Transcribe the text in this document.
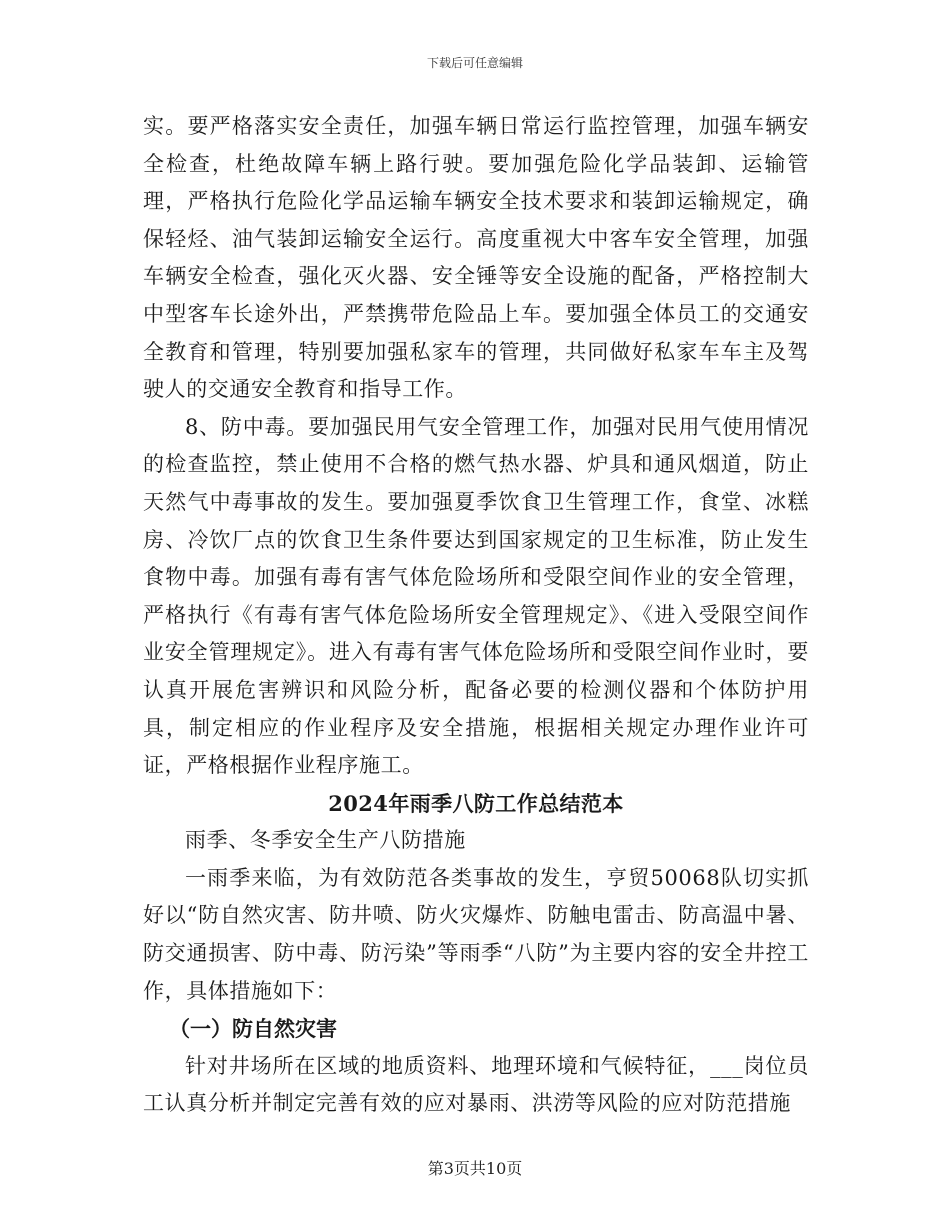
下载后可任意编辑

实。要严格落实安全责任，加强车辆日常运行监控管理，加强车辆安全检查，杜绝故障车辆上路行驶。要加强危险化学品装卸、运输管理，严格执行危险化学品运输车辆安全技术要求和装卸运输规定，确保轻烃、油气装卸运输安全运行。高度重视大中客车安全管理，加强车辆安全检查，强化灭火器、安全锤等安全设施的配备，严格控制大中型客车长途外出，严禁携带危险品上车。要加强全体员工的交通安全教育和管理，特别要加强私家车的管理，共同做好私家车车主及驾驶人的交通安全教育和指导工作。

8、防中毒。要加强民用气安全管理工作，加强对民用气使用情况的检查监控，禁止使用不合格的燃气热水器、炉具和通风烟道，防止天然气中毒事故的发生。要加强夏季饮食卫生管理工作，食堂、冰糕房、冷饮厂点的饮食卫生条件要达到国家规定的卫生标准，防止发生食物中毒。加强有毒有害气体危险场所和受限空间作业的安全管理，严格执行《有毒有害气体危险场所安全管理规定》、《进入受限空间作业安全管理规定》。进入有毒有害气体危险场所和受限空间作业时，要认真开展危害辨识和风险分析，配备必要的检测仪器和个体防护用具，制定相应的作业程序及安全措施，根据相关规定办理作业许可证，严格根据作业程序施工。

2024年雨季八防工作总结范本

雨季、冬季安全生产八防措施

一雨季来临，为有效防范各类事故的发生，亨贸50068队切实抓好以“防自然灾害、防井喷、防火灾爆炸、防触电雷击、防高温中暑、防交通损害、防中毒、防污染”等雨季“八防”为主要内容的安全井控工作，具体措施如下：

（一）防自然灾害

针对井场所在区域的地质资料、地理环境和气候特征，___岗位员工认真分析并制定完善有效的应对暴雨、洪涝等风险的应对防范措施

第3页共10页
